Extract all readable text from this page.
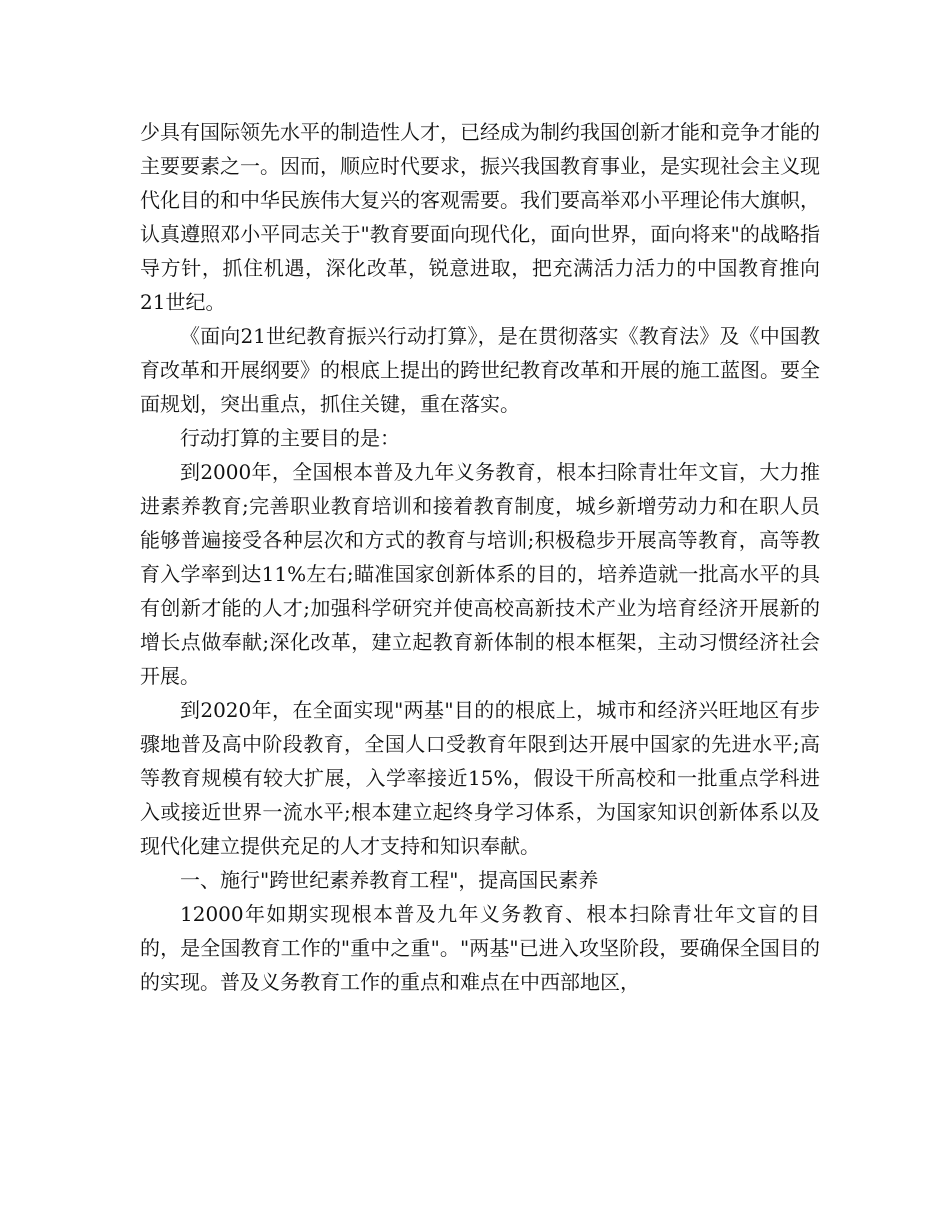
少具有国际领先水平的制造性人才，已经成为制约我国创新才能和竞争才能的主要要素之一。因而，顺应时代要求，振兴我国教育事业，是实现社会主义现代化目的和中华民族伟大复兴的客观需要。我们要高举邓小平理论伟大旗帜，认真遵照邓小平同志关于"教育要面向现代化，面向世界，面向将来"的战略指导方针，抓住机遇，深化改革，锐意进取，把充满活力活力的中国教育推向21世纪。

《面向21世纪教育振兴行动打算》，是在贯彻落实《教育法》及《中国教育改革和开展纲要》的根底上提出的跨世纪教育改革和开展的施工蓝图。要全面规划，突出重点，抓住关键，重在落实。

行动打算的主要目的是：

到2000年，全国根本普及九年义务教育，根本扫除青壮年文盲，大力推进素养教育;完善职业教育培训和接着教育制度，城乡新增劳动力和在职人员能够普遍接受各种层次和方式的教育与培训;积极稳步开展高等教育，高等教育入学率到达11%左右;瞄准国家创新体系的目的，培养造就一批高水平的具有创新才能的人才;加强科学研究并使高校高新技术产业为培育经济开展新的增长点做奉献;深化改革，建立起教育新体制的根本框架，主动习惯经济社会开展。

到2020年，在全面实现"两基"目的的根底上，城市和经济兴旺地区有步骤地普及高中阶段教育，全国人口受教育年限到达开展中国家的先进水平;高等教育规模有较大扩展，入学率接近15%，假设干所高校和一批重点学科进入或接近世界一流水平;根本建立起终身学习体系，为国家知识创新体系以及现代化建立提供充足的人才支持和知识奉献。

一、施行"跨世纪素养教育工程"，提高国民素养

12000年如期实现根本普及九年义务教育、根本扫除青壮年文盲的目的，是全国教育工作的"重中之重"。"两基"已进入攻坚阶段，要确保全国目的的实现。普及义务教育工作的重点和难点在中西部地区，
